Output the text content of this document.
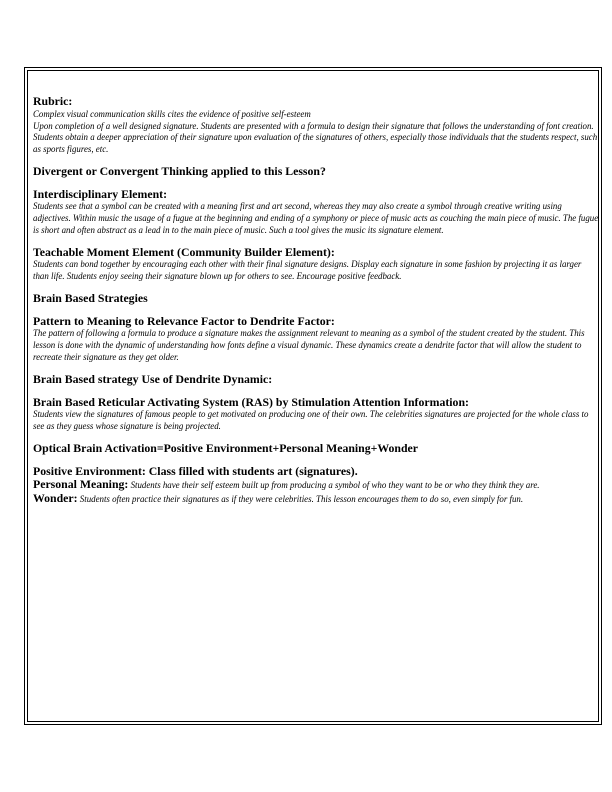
Rubric:

Complex visual communication skills cites the evidence of positive self-esteem

Upon completion of a well designed signature. Students are presented with a formula to design their signature that follows the understanding of font creation. Students obtain a deeper appreciation of their signature upon evaluation of the signatures of others, especially those individuals that the students respect, such as sports figures, etc.

Divergent or Convergent Thinking applied to this Lesson?

Interdisciplinary Element:

Students see that a symbol can be created with a meaning first and art second, whereas they may also create a symbol through creative writing using adjectives. Within music the usage of a fugue at the beginning and ending of a symphony or piece of music acts as couching the main piece of music. The fugue is short and often abstract as a lead in to the main piece of music. Such a tool gives the music its signature element.

Teachable Moment Element (Community Builder Element):

Students can bond together by encouraging each other with their final signature designs. Display each signature in some fashion by projecting it as larger than life. Students enjoy seeing their signature blown up for others to see. Encourage positive feedback.

Brain Based Strategies

Pattern to Meaning to Relevance Factor to Dendrite Factor:

The pattern of following a formula to produce a signature makes the assignment relevant to meaning as a symbol of the student created by the student. This lesson is done with the dynamic of understanding how fonts define a visual dynamic. These dynamics create a dendrite factor that will allow the student to recreate their signature as they get older.

Brain Based strategy Use of Dendrite Dynamic:

Brain Based Reticular Activating System (RAS) by Stimulation Attention Information:

Students view the signatures of famous people to get motivated on producing one of their own. The celebrities signatures are projected for the whole class to see as they guess whose signature is being projected.

Optical Brain Activation=Positive Environment+Personal Meaning+Wonder

Positive Environment: Class filled with students art (signatures).

Personal Meaning: Students have their self esteem built up from producing a symbol of who they want to be or who they think they are.

Wonder: Students often practice their signatures as if they were celebrities. This lesson encourages them to do so, even simply for fun.
